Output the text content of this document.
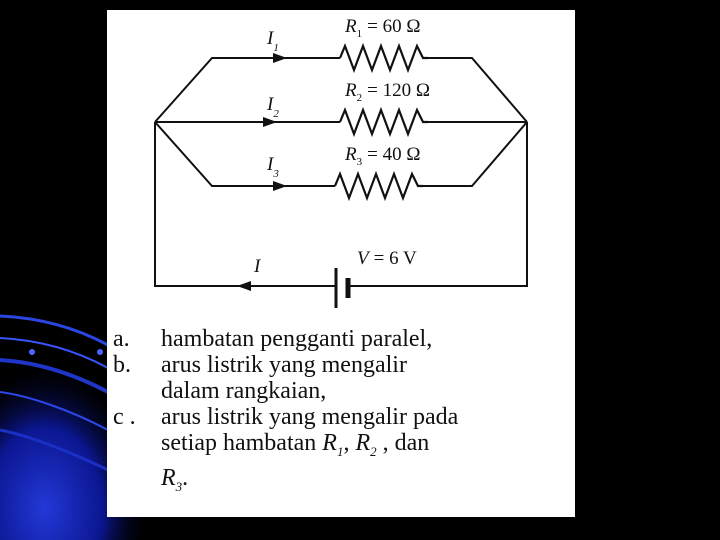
$I_1$
$I_2$
$I_3$
I
$R_1 = 60$ Ω
$R_2 = 120$ Ω
$R_3 = 40$ Ω
V = 6 V
a.	hambatan pengganti paralel,
b.	arus listrik yang mengalir
dalam rangkaian,
c .	arus listrik yang mengalir pada
setiap hambatan $R_1$, $R_2$ , dan
$R_3$.
